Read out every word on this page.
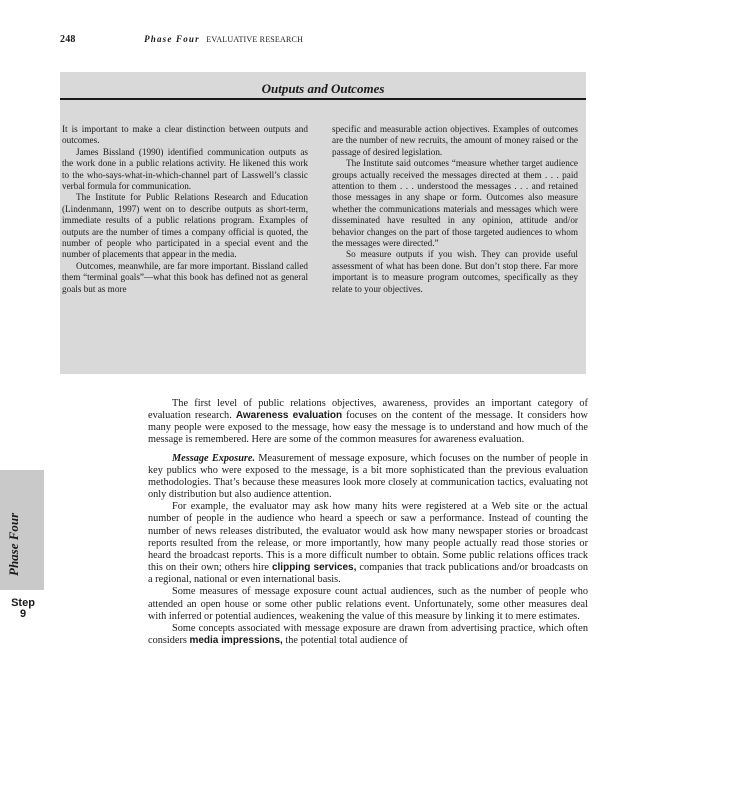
248	Phase Four EVALUATIVE RESEARCH
Outputs and Outcomes

It is important to make a clear distinction between outputs and outcomes.

James Bissland (1990) identified communication outputs as the work done in a public relations activity. He likened this work to the who-says-what-in-which-channel part of Lasswell’s classic verbal formula for communication.

The Institute for Public Relations Research and Education (Lindenmann, 1997) went on to describe outputs as short-term, immediate results of a public relations program. Examples of outputs are the number of times a company official is quoted, the number of people who participated in a special event and the number of placements that appear in the media.

Outcomes, meanwhile, are far more important. Bissland called them “terminal goals”—what this book has defined not as general goals but as more

specific and measurable action objectives. Examples of outcomes are the number of new recruits, the amount of money raised or the passage of desired legislation.

The Institute said outcomes “measure whether target audience groups actually received the messages directed at them . . . paid attention to them . . . understood the messages . . . and retained those messages in any shape or form. Outcomes also measure whether the communications materials and messages which were disseminated have resulted in any opinion, attitude and/or behavior changes on the part of those targeted audiences to whom the messages were directed.”

So measure outputs if you wish. They can provide useful assessment of what has been done. But don’t stop there. Far more important is to measure program outcomes, specifically as they relate to your objectives.

The first level of public relations objectives, awareness, provides an important category of evaluation research. Awareness evaluation focuses on the content of the message. It considers how many people were exposed to the message, how easy the message is to understand and how much of the message is remembered. Here are some of the common measures for awareness evaluation.

Message Exposure. Measurement of message exposure, which focuses on the number of people in key publics who were exposed to the message, is a bit more sophisticated than the previous evaluation methodologies. That’s because these measures look more closely at communication tactics, evaluating not only distribution but also audience attention.

For example, the evaluator may ask how many hits were registered at a Web site or the actual number of people in the audience who heard a speech or saw a performance. Instead of counting the number of news releases distributed, the evaluator would ask how many newspaper stories or broadcast reports resulted from the release, or more importantly, how many people actually read those stories or heard the broadcast reports. This is a more difficult number to obtain. Some public relations offices track this on their own; others hire clipping services, companies that track publications and/or broadcasts on a regional, national or even international basis.

Some measures of message exposure count actual audiences, such as the number of people who attended an open house or some other public relations event. Unfortunately, some other measures deal with inferred or potential audiences, weakening the value of this measure by linking it to mere estimates.

Some concepts associated with message exposure are drawn from advertising practice, which often considers media impressions, the potential total audience of

Phase Four
Step
9
